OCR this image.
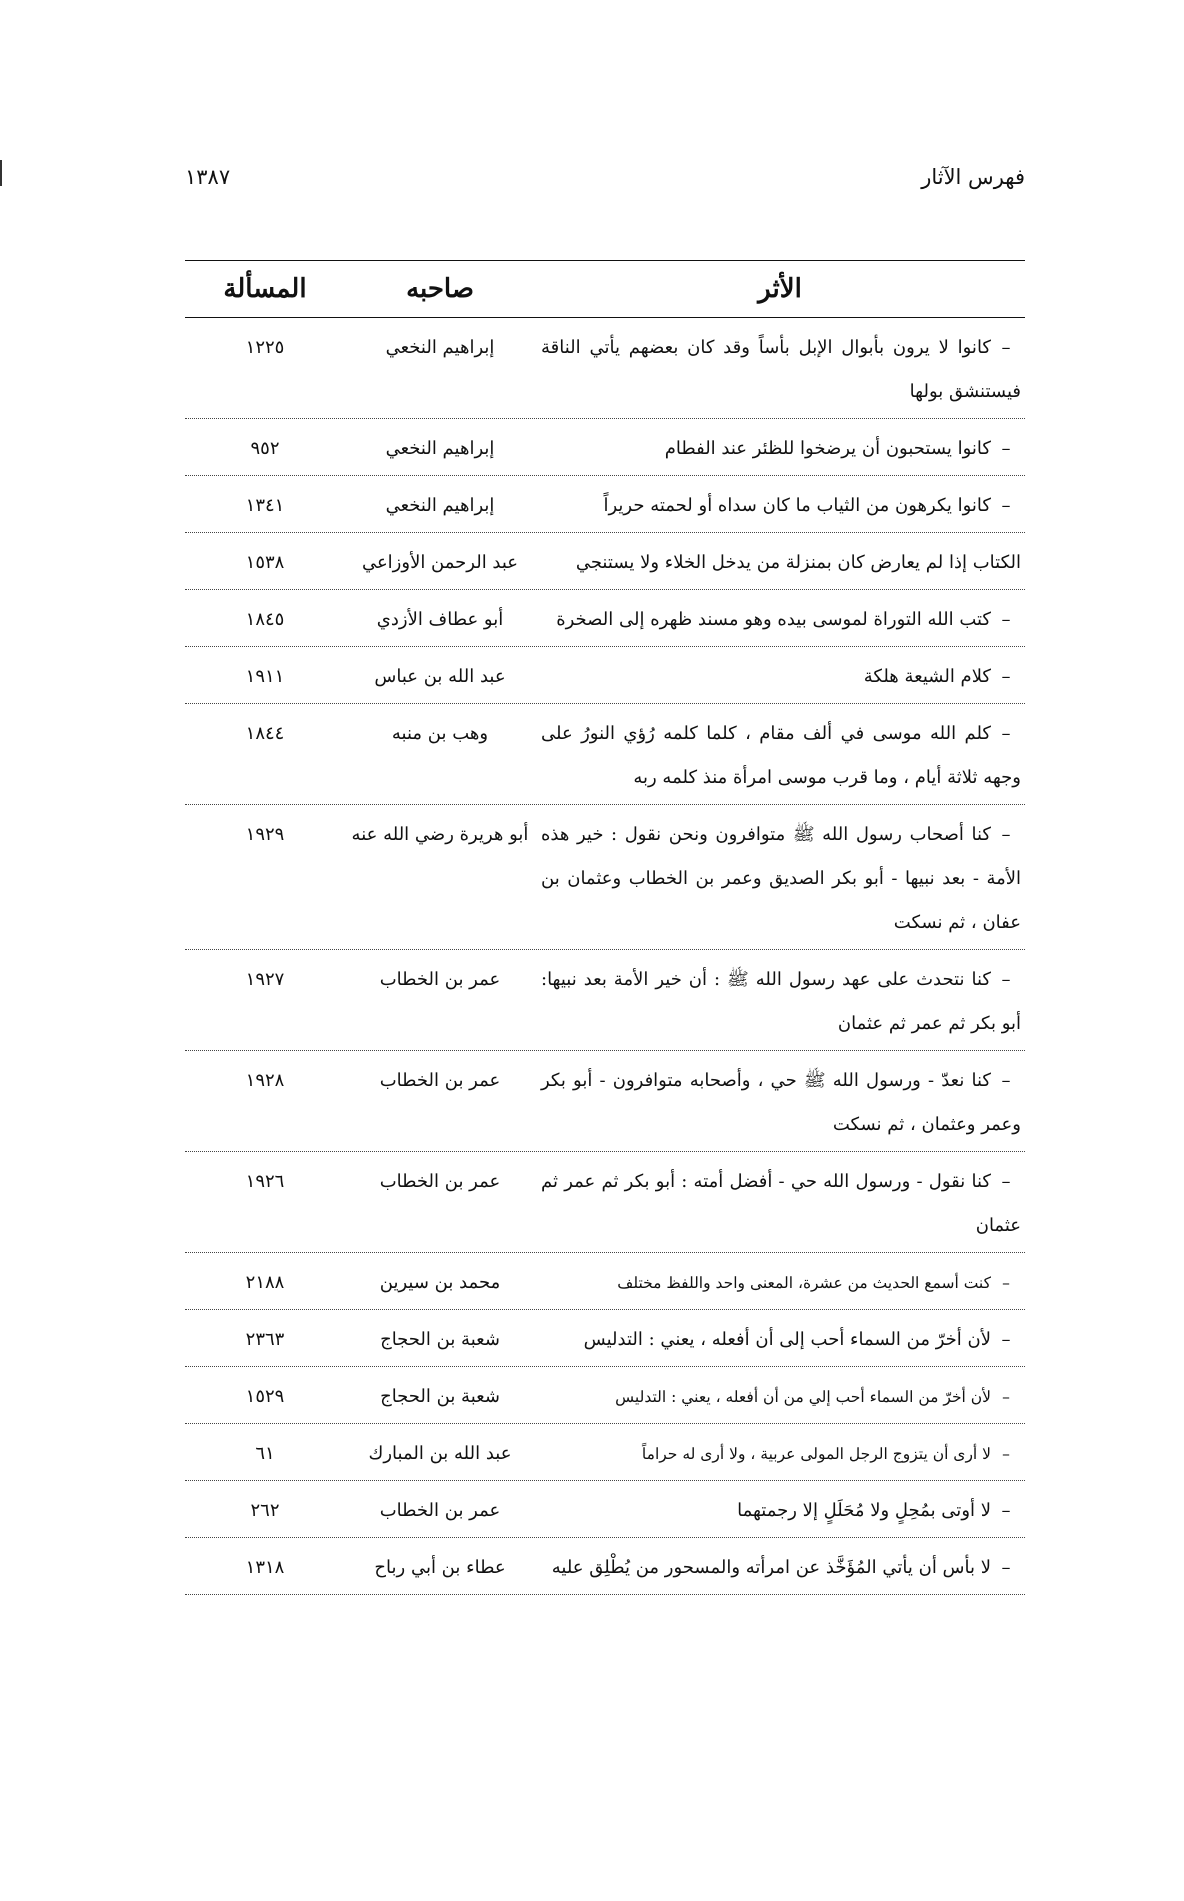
فهرس الآثار
١٣٨٧
الأثر
صاحبه
المسألة
–كانوا لا يرون بأبوال الإبل بأساً وقد كان بعضهم يأتي الناقة فيستنشق بولها
إبراهيم النخعي
١٢٢٥
–كانوا يستحبون أن يرضخوا للظئر عند الفطام
إبراهيم النخعي
٩٥٢
–كانوا يكرهون من الثياب ما كان سداه أو لحمته حريراً
إبراهيم النخعي
١٣٤١
الكتاب إذا لم يعارض كان بمنزلة من يدخل الخلاء ولا يستنجي
عبد الرحمن الأوزاعي
١٥٣٨
–كتب الله التوراة لموسى بيده وهو مسند ظهره إلى الصخرة
أبو عطاف الأزدي
١٨٤٥
–كلام الشيعة هلكة
عبد الله بن عباس
١٩١١
–كلم الله موسى في ألف مقام ، كلما كلمه رُؤي النورُ على وجهه ثلاثة أيام ، وما قرب موسى امرأة منذ كلمه ربه
وهب بن منبه
١٨٤٤
–كنا أصحاب رسول الله ﷺ متوافرون ونحن نقول : خير هذه الأمة - بعد نبيها - أبو بكر الصديق وعمر بن الخطاب وعثمان بن عفان ، ثم نسكت
أبو هريرة رضي الله عنه
١٩٢٩
–كنا نتحدث على عهد رسول الله ﷺ : أن خير الأمة بعد نبيها: أبو بكر ثم عمر ثم عثمان
عمر بن الخطاب
١٩٢٧
–كنا نعدّ - ورسول الله ﷺ حي ، وأصحابه متوافرون - أبو بكر وعمر وعثمان ، ثم نسكت
عمر بن الخطاب
١٩٢٨
–كنا نقول - ورسول الله حي - أفضل أمته : أبو بكر ثم عمر ثم عثمان
عمر بن الخطاب
١٩٢٦
–كنت أسمع الحديث من عشرة، المعنى واحد واللفظ مختلف
محمد بن سيرين
٢١٨٨
–لأن أخرّ من السماء أحب إلى أن أفعله ، يعني : التدليس
شعبة بن الحجاج
٢٣٦٣
–لأن أخرّ من السماء أحب إلي من أن أفعله ، يعني : التدليس
شعبة بن الحجاج
١٥٢٩
–لا أرى أن يتزوج الرجل المولى عربية ، ولا أرى له حراماً
عبد الله بن المبارك
٦١
–لا أوتى بمُحِلٍ ولا مُحَلَلٍ إلا رجمتهما
عمر بن الخطاب
٢٦٢
–لا بأس أن يأتي المُؤَخَّذ عن امرأته والمسحور من يُطْلِق عليه
عطاء بن أبي رباح
١٣١٨
